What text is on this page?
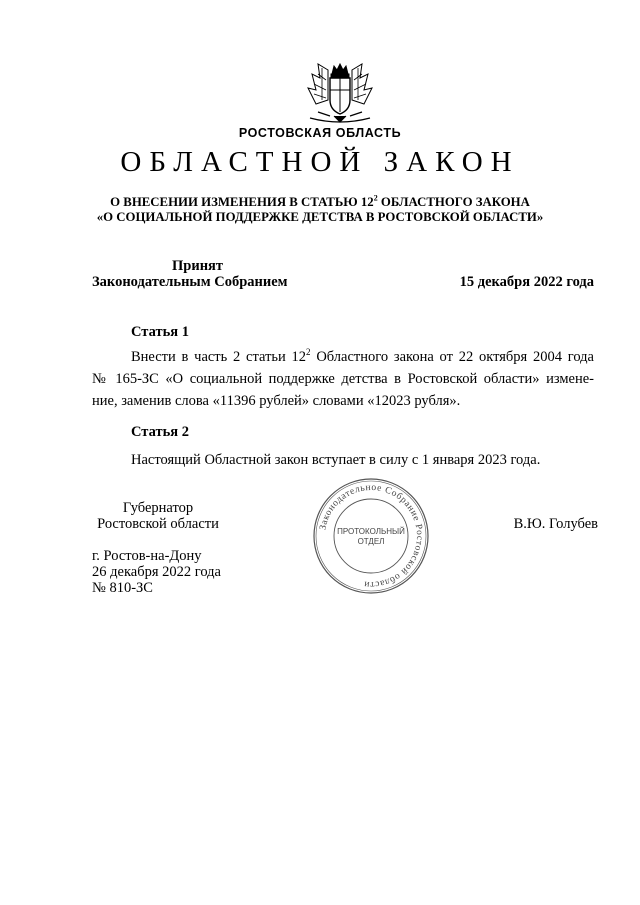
РОСТОВСКАЯ ОБЛАСТЬ
ОБЛАСТНОЙ ЗАКОН
О ВНЕСЕНИИ ИЗМЕНЕНИЯ В СТАТЬЮ $12^2$ ОБЛАСТНОГО ЗАКОНА
«О СОЦИАЛЬНОЙ ПОДДЕРЖКЕ ДЕТСТВА В РОСТОВСКОЙ ОБЛАСТИ»
Принят
Законодательным Собранием	15 декабря 2022 года
Статья 1
Внести в часть 2 статьи $12^2$ Областного закона от 22 октября 2004 года
№ 165-ЗС «О социальной поддержке детства в Ростовской области» измене-
ние, заменив слова «11396 рублей» словами «12023 рубля».
Статья 2
Настоящий Областной закон вступает в силу с 1 января 2023 года.
Губернатор
Ростовской области	В.Ю. Голубев
г. Ростов-на-Дону
26 декабря 2022 года
№ 810-ЗС
Законодательное Собрание Ростовской области
ПРОТОКОЛЬНЫЙ
ОТДЕЛ
